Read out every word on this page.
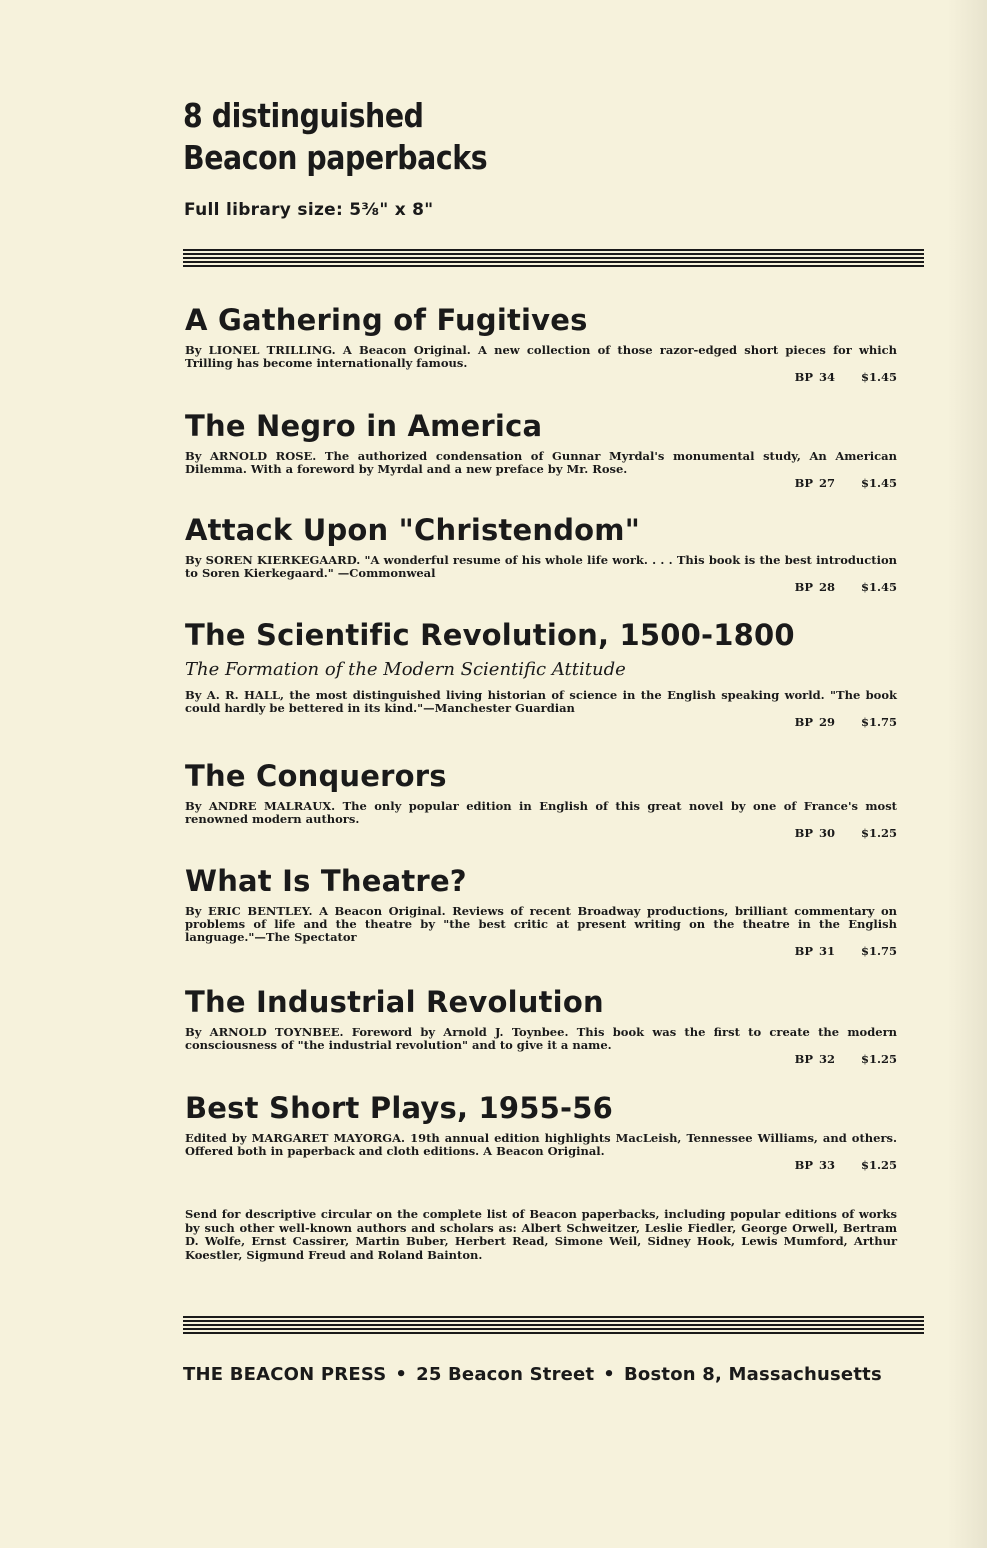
8 distinguished
Beacon paperbacks
Full library size: 5⅜" x 8"
A Gathering of Fugitives
By LIONEL TRILLING. A Beacon Original. A new collection of those razor-edged short pieces for which Trilling has become internationally famous.
BP 34 $1.45
The Negro in America
By ARNOLD ROSE. The authorized condensation of Gunnar Myrdal's monumental study, An American Dilemma. With a foreword by Myrdal and a new preface by Mr. Rose.
BP 27 $1.45
Attack Upon "Christendom"
By SOREN KIERKEGAARD. "A wonderful resume of his whole life work. . . . This book is the best introduction to Soren Kierkegaard." —Commonweal
BP 28 $1.45
The Scientific Revolution, 1500-1800
The Formation of the Modern Scientific Attitude
By A. R. HALL, the most distinguished living historian of science in the English speaking world. "The book could hardly be bettered in its kind."—Manchester Guardian
BP 29 $1.75
The Conquerors
By ANDRE MALRAUX. The only popular edition in English of this great novel by one of France's most renowned modern authors.
BP 30 $1.25
What Is Theatre?
By ERIC BENTLEY. A Beacon Original. Reviews of recent Broadway productions, brilliant commentary on problems of life and the theatre by "the best critic at present writing on the theatre in the English language."—The Spectator
BP 31 $1.75
The Industrial Revolution
By ARNOLD TOYNBEE. Foreword by Arnold J. Toynbee. This book was the first to create the modern consciousness of "the industrial revolution" and to give it a name.
BP 32 $1.25
Best Short Plays, 1955-56
Edited by MARGARET MAYORGA. 19th annual edition highlights MacLeish, Tennessee Williams, and others. Offered both in paperback and cloth editions. A Beacon Original.
BP 33 $1.25
Send for descriptive circular on the complete list of Beacon paperbacks, including popular editions of works by such other well-known authors and scholars as: Albert Schweitzer, Leslie Fiedler, George Orwell, Bertram D. Wolfe, Ernst Cassirer, Martin Buber, Herbert Read, Simone Weil, Sidney Hook, Lewis Mumford, Arthur Koestler, Sigmund Freud and Roland Bainton.
THE BEACON PRESS • 25 Beacon Street • Boston 8, Massachusetts
